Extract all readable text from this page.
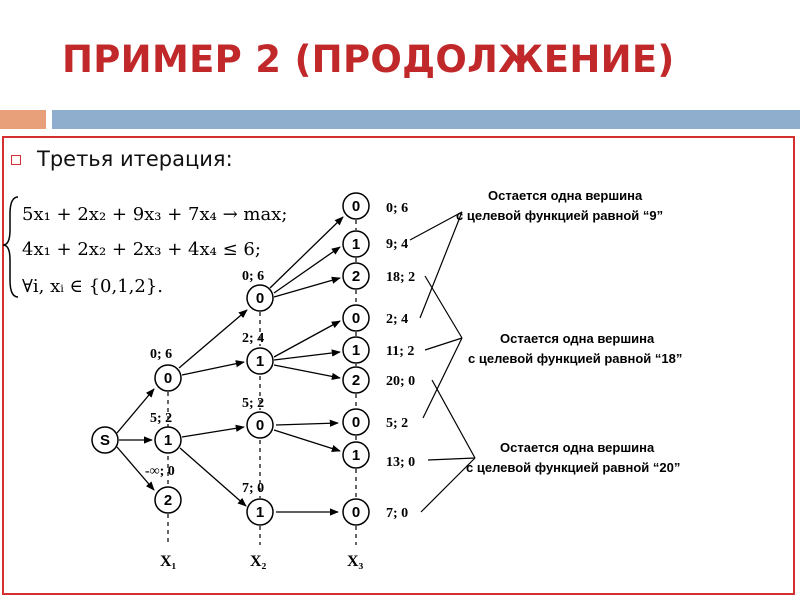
ПРИМЕР 2 (ПРОДОЛЖЕНИЕ)
Третья итерация:
5x₁ + 2x₂ + 9x₃ + 7x₄ → max;
4x₁ + 2x₂ + 2x₃ + 4x₄ ≤ 6;
∀i, xᵢ ∈ {0,1,2}.
S
0
1
2
0
1
0
1
0
1
2
0
1
2
0
1
0
0; 6
5; 2
-∞; 0
0; 6
2; 4
5; 2
7; 0
0; 6
9; 4
18; 2
2; 4
11; 2
20; 0
5; 2
13; 0
7; 0
Остается одна вершина
с целевой функцией равной “9”
Остается одна вершина
с целевой функцией равной “18”
Остается одна вершина
с целевой функцией равной “20”
X₁	X₂	X₃
